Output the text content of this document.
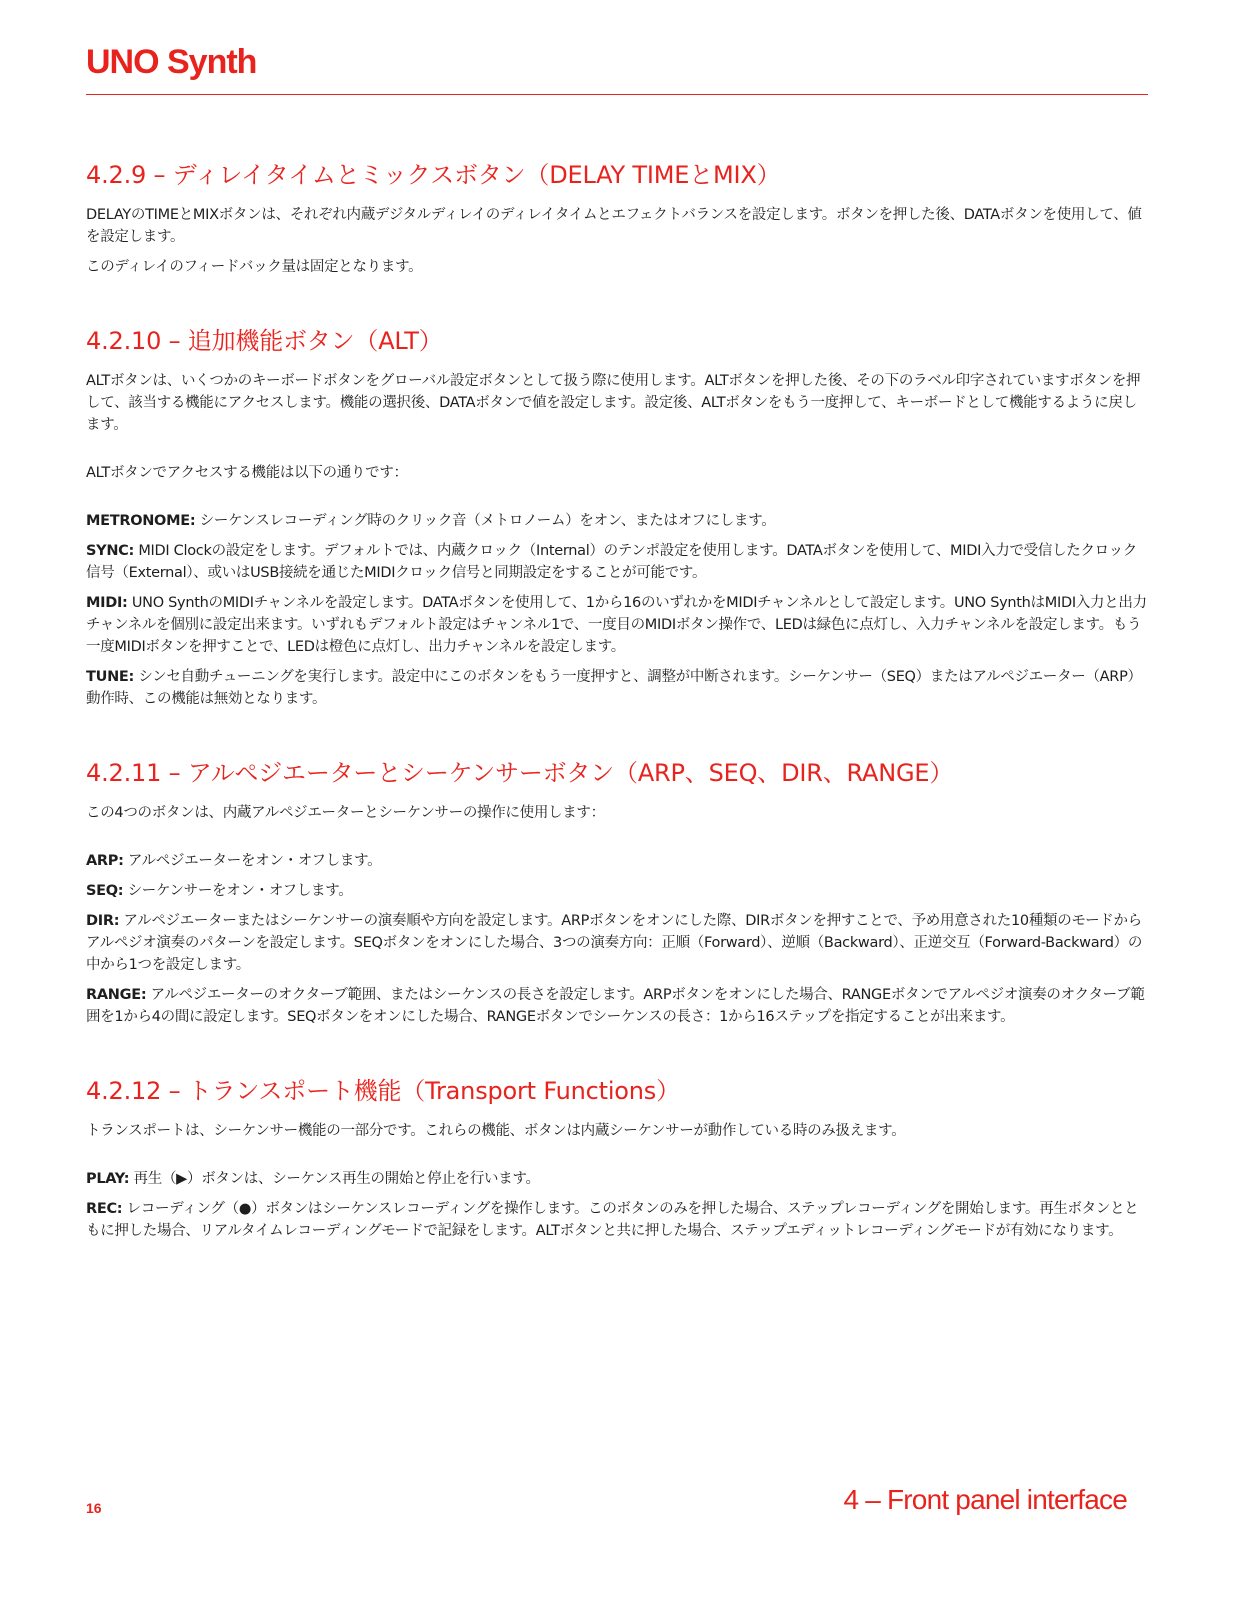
UNO Synth
4.2.9 – ディレイタイムとミックスボタン（DELAY TIMEとMIX）

DELAYのTIMEとMIXボタンは、それぞれ内蔵デジタルディレイのディレイタイムとエフェクトバランスを設定します。ボタンを押した後、DATAボタンを使用して、値を設定します。

このディレイのフィードバック量は固定となります。

4.2.10 – 追加機能ボタン（ALT）

ALTボタンは、いくつかのキーボードボタンをグローバル設定ボタンとして扱う際に使用します。ALTボタンを押した後、その下のラベル印字されていますボタンを押して、該当する機能にアクセスします。機能の選択後、DATAボタンで値を設定します。設定後、ALTボタンをもう一度押して、キーボードとして機能するように戻します。

ALTボタンでアクセスする機能は以下の通りです：

METRONOME: シーケンスレコーディング時のクリック音（メトロノーム）をオン、またはオフにします。

SYNC: MIDI Clockの設定をします。デフォルトでは、内蔵クロック（Internal）のテンポ設定を使用します。DATAボタンを使用して、MIDI入力で受信したクロック信号（External）、或いはUSB接続を通じたMIDIクロック信号と同期設定をすることが可能です。

MIDI: UNO SynthのMIDIチャンネルを設定します。DATAボタンを使用して、1から16のいずれかをMIDIチャンネルとして設定します。UNO SynthはMIDI入力と出力チャンネルを個別に設定出来ます。いずれもデフォルト設定はチャンネル1で、一度目のMIDIボタン操作で、LEDは緑色に点灯し、入力チャンネルを設定します。もう一度MIDIボタンを押すことで、LEDは橙色に点灯し、出力チャンネルを設定します。

TUNE: シンセ自動チューニングを実行します。設定中にこのボタンをもう一度押すと、調整が中断されます。シーケンサー（SEQ）またはアルペジエーター（ARP）動作時、この機能は無効となります。

4.2.11 – アルペジエーターとシーケンサーボタン（ARP、SEQ、DIR、RANGE）

この4つのボタンは、内蔵アルペジエーターとシーケンサーの操作に使用します：

ARP: アルペジエーターをオン・オフします。

SEQ: シーケンサーをオン・オフします。

DIR: アルペジエーターまたはシーケンサーの演奏順や方向を設定します。ARPボタンをオンにした際、DIRボタンを押すことで、予め用意された10種類のモードからアルペジオ演奏のパターンを設定します。SEQボタンをオンにした場合、3つの演奏方向：正順（Forward）、逆順（Backward）、正逆交互（Forward-Backward）の中から1つを設定します。

RANGE: アルペジエーターのオクターブ範囲、またはシーケンスの長さを設定します。ARPボタンをオンにした場合、RANGEボタンでアルペジオ演奏のオクターブ範囲を1から4の間に設定します。SEQボタンをオンにした場合、RANGEボタンでシーケンスの長さ：1から16ステップを指定することが出来ます。

4.2.12 – トランスポート機能（Transport Functions）

トランスポートは、シーケンサー機能の一部分です。これらの機能、ボタンは内蔵シーケンサーが動作している時のみ扱えます。

PLAY: 再生（▶）ボタンは、シーケンス再生の開始と停止を行います。

REC: レコーディング（●）ボタンはシーケンスレコーディングを操作します。このボタンのみを押した場合、ステップレコーディングを開始します。再生ボタンとともに押した場合、リアルタイムレコーディングモードで記録をします。ALTボタンと共に押した場合、ステップエディットレコーディングモードが有効になります。

16	4 – Front panel interface
